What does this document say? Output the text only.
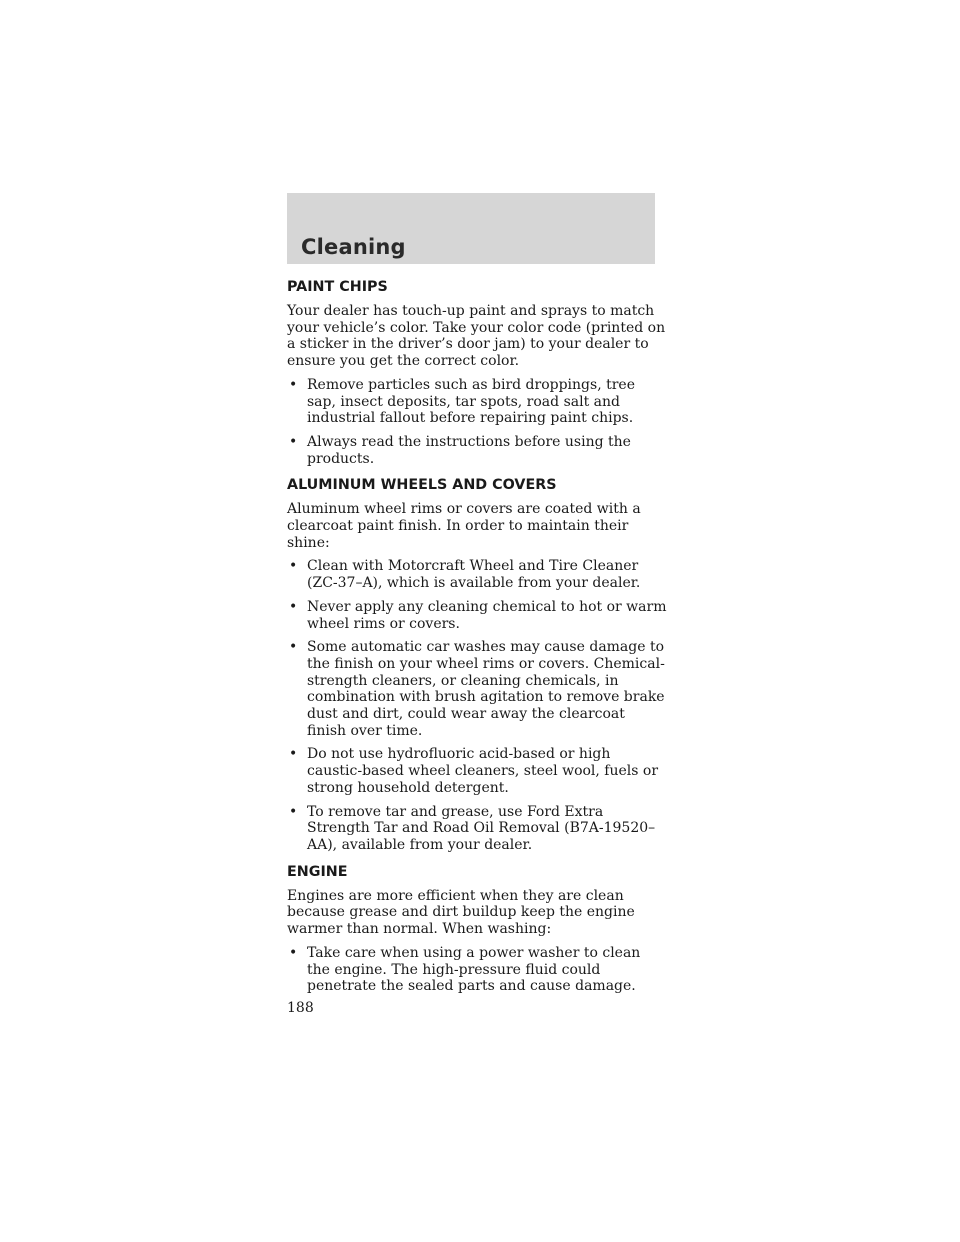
Cleaning
PAINT CHIPS

Your dealer has touch-up paint and sprays to match your vehicle’s color. Take your color code (printed on a sticker in the driver’s door jam) to your dealer to ensure you get the correct color.

• Remove particles such as bird droppings, tree sap, insect deposits, tar spots, road salt and industrial fallout before repairing paint chips.
• Always read the instructions before using the products.
ALUMINUM WHEELS AND COVERS

Aluminum wheel rims or covers are coated with a clearcoat paint finish. In order to maintain their shine:

• Clean with Motorcraft Wheel and Tire Cleaner (ZC-37–A), which is available from your dealer.
• Never apply any cleaning chemical to hot or warm wheel rims or covers.
• Some automatic car washes may cause damage to the finish on your wheel rims or covers. Chemical-strength cleaners, or cleaning chemicals, in combination with brush agitation to remove brake dust and dirt, could wear away the clearcoat finish over time.
• Do not use hydrofluoric acid-based or high caustic-based wheel cleaners, steel wool, fuels or strong household detergent.
• To remove tar and grease, use Ford Extra Strength Tar and Road Oil Removal (B7A-19520–AA), available from your dealer.
ENGINE

Engines are more efficient when they are clean because grease and dirt buildup keep the engine warmer than normal. When washing:

• Take care when using a power washer to clean the engine. The high-pressure fluid could penetrate the sealed parts and cause damage.
188
